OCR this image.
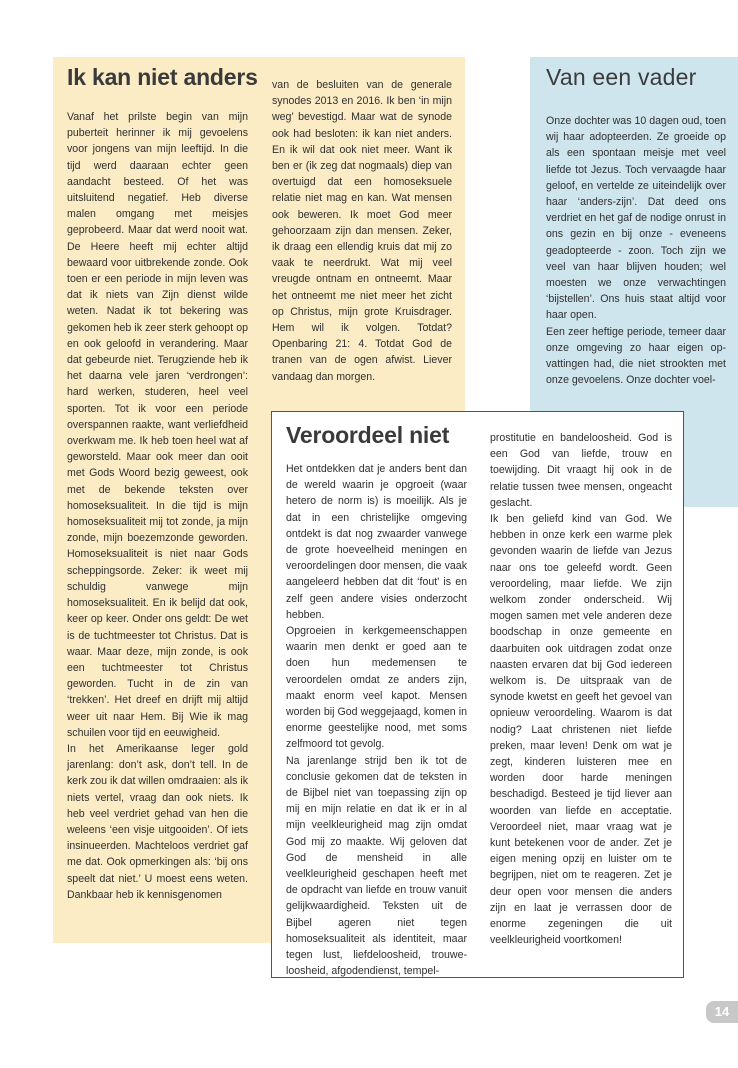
Ik kan niet anders

Vanaf het prilste begin van mijn puberteit herinner ik mij gevoelens voor jongens van mijn leeftijd. In die tijd werd daaraan echter geen aandacht besteed. Of het was uitsluitend negatief. Heb diverse malen omgang met meisjes geprobeerd. Maar dat werd nooit wat. De Heere heeft mij echter altijd bewaard voor uitbrekende zonde. Ook toen er een periode in mijn leven was dat ik niets van Zijn dienst wilde weten. Nadat ik tot bekering was gekomen heb ik zeer sterk gehoopt op en ook geloofd in verandering. Maar dat gebeurde niet. Terugziende heb ik het daarna vele jaren ‘verdrongen’: hard werken, studeren, heel veel sporten. Tot ik voor een periode overspannen raakte, want verliefdheid overkwam me. Ik heb toen heel wat af geworsteld. Maar ook meer dan ooit met Gods Woord bezig geweest, ook met de bekende teksten over homoseksualiteit. In die tijd is mijn homoseksualiteit mij tot zonde, ja mijn zonde, mijn boezemzonde geworden. Homoseksualiteit is niet naar Gods scheppingsorde. Zeker: ik weet mij schuldig vanwege mijn homoseksualiteit. En ik belijd dat ook, keer op keer. Onder ons geldt: De wet is de tuchtmeester tot Christus. Dat is waar. Maar deze, mijn zonde, is ook een tuchtmeester tot Christus geworden. Tucht in de zin van ‘trekken’. Het dreef en drijft mij altijd weer uit naar Hem. Bij Wie ik mag schuilen voor tijd en eeuwigheid.

In het Amerikaanse leger gold jarenlang: don’t ask, don’t tell. In de kerk zou ik dat willen omdraaien: als ik niets vertel, vraag dan ook niets. Ik heb veel verdriet gehad van hen die weleens ‘een visje uitgooiden’. Of iets insinueerden. Machteloos verdriet gaf me dat. Ook opmerkingen als: ‘bij ons speelt dat niet.’ U moest eens weten. Dankbaar heb ik kennisgenomen

van de besluiten van de generale synodes 2013 en 2016. Ik ben ‘in mijn weg’ bevestigd. Maar wat de synode ook had besloten: ik kan niet anders. En ik wil dat ook niet meer. Want ik ben er (ik zeg dat nogmaals) diep van overtuigd dat een homoseksuele relatie niet mag en kan. Wat mensen ook beweren. Ik moet God meer gehoorzaam zijn dan mensen. Zeker, ik draag een ellendig kruis dat mij zo vaak te neerdrukt. Wat mij veel vreugde ontnam en ontneemt. Maar het ontneemt me niet meer het zicht op Christus, mijn grote Kruisdrager. Hem wil ik volgen. Totdat? Openbaring 21: 4. Totdat God de tranen van de ogen afwist. Liever vandaag dan morgen.

Van een vader

Onze dochter was 10 dagen oud, toen wij haar adopteerden. Ze groeide op als een spontaan meisje met veel liefde tot Jezus. Toch vervaagde haar geloof, en vertelde ze uiteindelijk over haar ‘anders-zijn’. Dat deed ons verdriet en het gaf de nodige onrust in ons gezin en bij onze - eveneens geadopteerde - zoon. Toch zijn we veel van haar blijven houden; wel moesten we onze verwachtingen ‘bijstellen’. Ons huis staat altijd voor haar open.

Een zeer heftige periode, temeer daar onze omgeving zo haar eigen op-vattingen had, die niet strookten met onze gevoelens. Onze dochter voel-

Veroordeel niet

Het ontdekken dat je anders bent dan de wereld waarin je opgroeit (waar hetero de norm is) is moeilijk. Als je dat in een christelijke omgeving ontdekt is dat nog zwaarder vanwege de grote hoeveelheid meningen en veroordelingen door mensen, die vaak aangeleerd hebben dat dit ‘fout’ is en zelf geen andere visies onderzocht hebben.

Opgroeien in kerkgemeenschappen waarin men denkt er goed aan te doen hun medemensen te veroordelen omdat ze anders zijn, maakt enorm veel kapot. Mensen worden bij God weggejaagd, komen in enorme geestelijke nood, met soms zelfmoord tot gevolg.

Na jarenlange strijd ben ik tot de conclusie gekomen dat de teksten in de Bijbel niet van toepassing zijn op mij en mijn relatie en dat ik er in al mijn veelkleurigheid mag zijn omdat God mij zo maakte. Wij geloven dat God de mensheid in alle veelkleurigheid geschapen heeft met de opdracht van liefde en trouw vanuit gelijkwaardigheid. Teksten uit de Bijbel ageren niet tegen homoseksualiteit als identiteit, maar tegen lust, liefdeloosheid, trouwe-loosheid, afgodendienst, tempel-

prostitutie en bandeloosheid. God is een God van liefde, trouw en toewijding. Dit vraagt hij ook in de relatie tussen twee mensen, ongeacht geslacht.

Ik ben geliefd kind van God. We hebben in onze kerk een warme plek gevonden waarin de liefde van Jezus naar ons toe geleefd wordt. Geen veroordeling, maar liefde. We zijn welkom zonder onderscheid. Wij mogen samen met vele anderen deze boodschap in onze gemeente en daarbuiten ook uitdragen zodat onze naasten ervaren dat bij God iedereen welkom is. De uitspraak van de synode kwetst en geeft het gevoel van opnieuw veroordeling. Waarom is dat nodig? Laat christenen niet liefde preken, maar leven! Denk om wat je zegt, kinderen luisteren mee en worden door harde meningen beschadigd. Besteed je tijd liever aan woorden van liefde en acceptatie. Veroordeel niet, maar vraag wat je kunt betekenen voor de ander. Zet je eigen mening opzij en luister om te begrijpen, niet om te reageren. Zet je deur open voor mensen die anders zijn en laat je verrassen door de enorme zegeningen die uit veelkleurigheid voortkomen!

14
